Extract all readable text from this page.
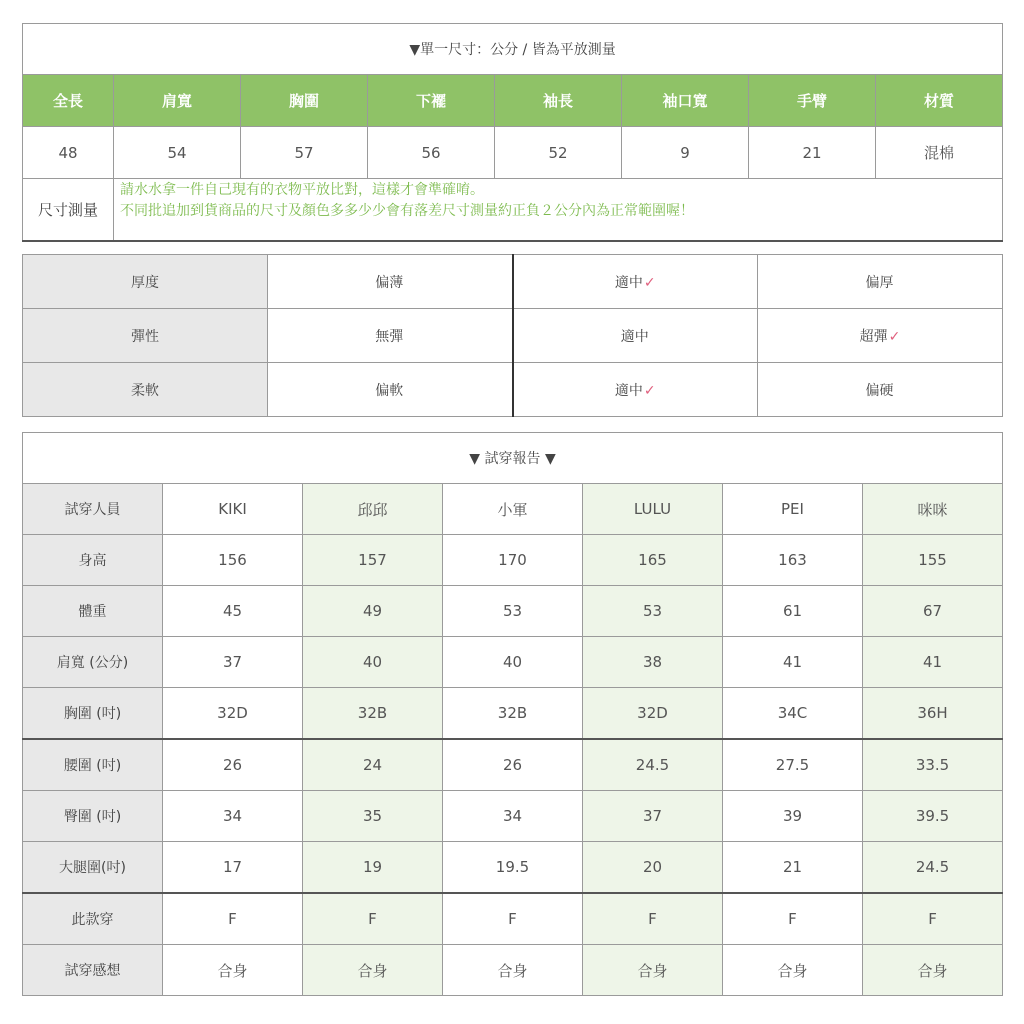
▼單一尺寸：公分 / 皆為平放測量							
全長	肩寬	胸圍	下襬	袖長	袖口寬	手臂	材質
48	54	57	56	52	9	21	混棉
尺寸測量	請水水拿一件自己現有的衣物平放比對，這樣才會準確唷。
不同批追加到貨商品的尺寸及顏色多多少少會有落差尺寸測量約正負２公分內為正常範圍喔！						
厚度	偏薄	適中✓	偏厚
彈性	無彈	適中	超彈✓
柔軟	偏軟	適中✓	偏硬
▼ 試穿報告 ▼						
試穿人員	KIKI	邱邱	小軍	LULU	PEI	咪咪
身高	156	157	170	165	163	155
體重	45	49	53	53	61	67
肩寬 (公分)	37	40	40	38	41	41
胸圍 (吋)	32D	32B	32B	32D	34C	36H
腰圍 (吋)	26	24	26	24.5	27.5	33.5
臀圍 (吋)	34	35	34	37	39	39.5
大腿圍(吋)	17	19	19.5	20	21	24.5
此款穿	F	F	F	F	F	F
試穿感想	合身	合身	合身	合身	合身	合身
